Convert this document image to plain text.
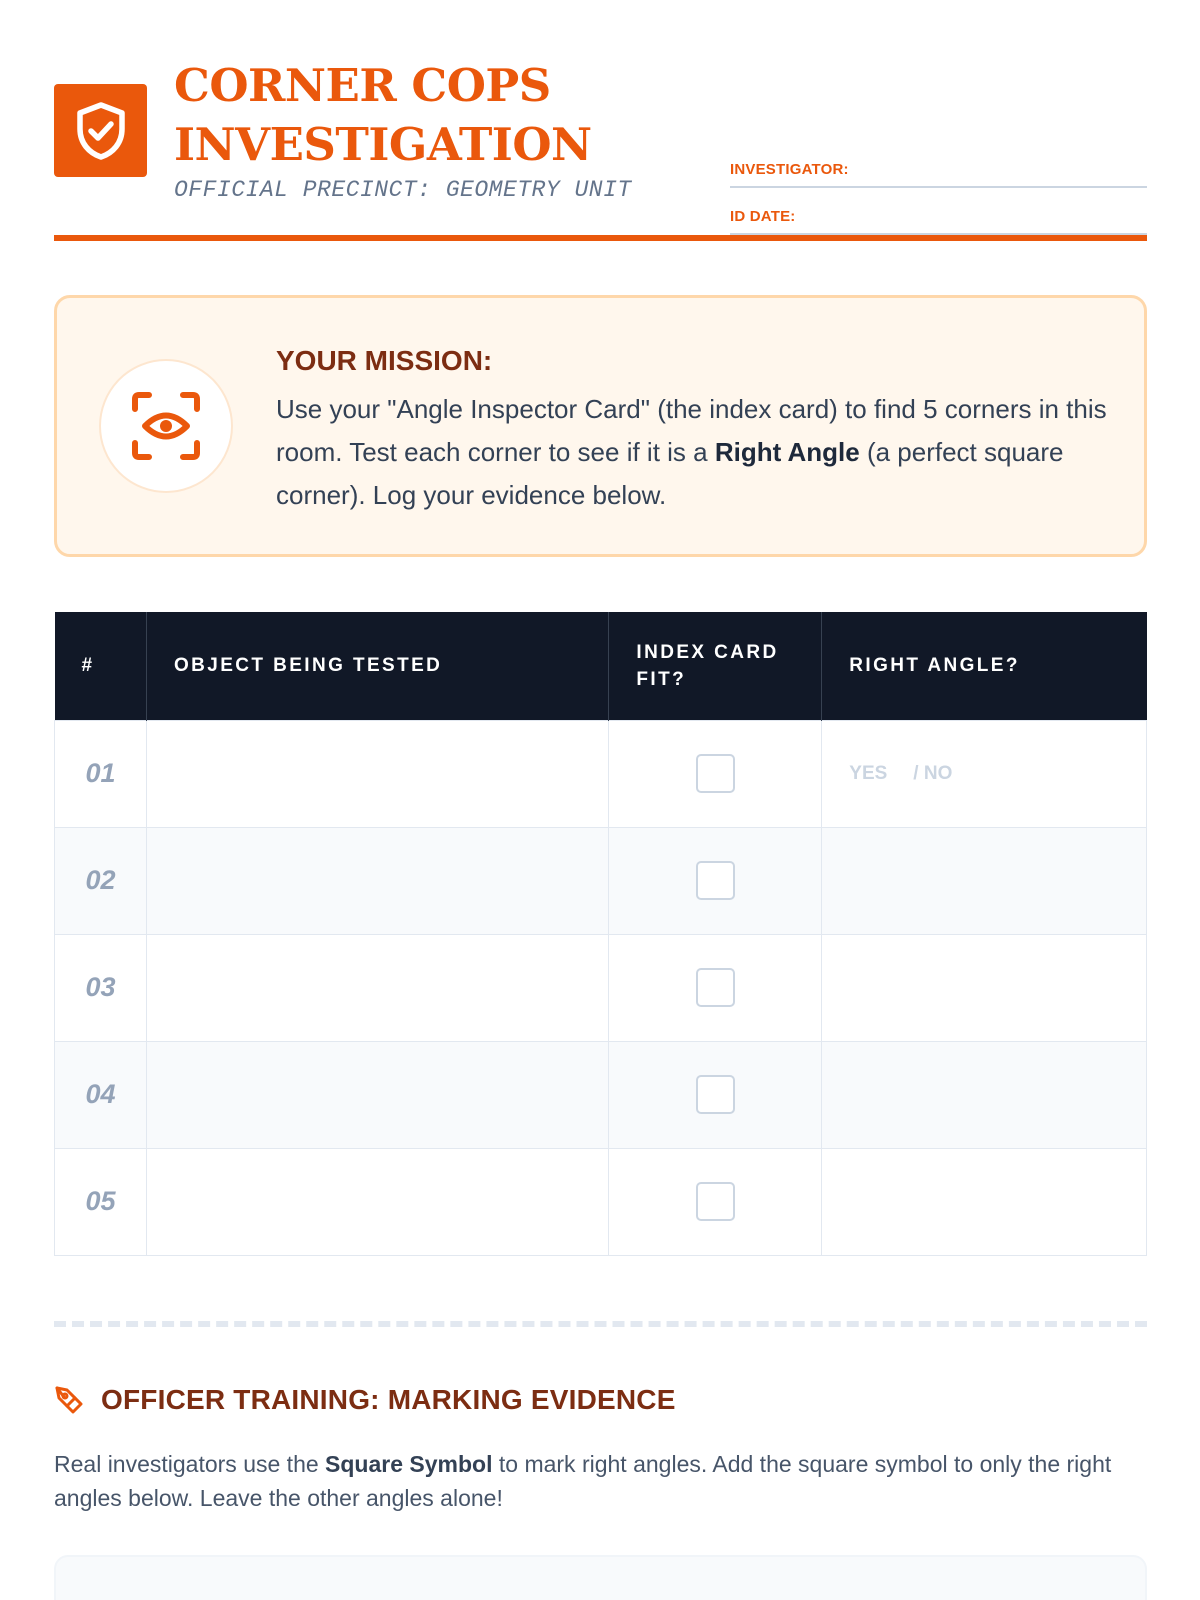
CORNER COPS
INVESTIGATION
OFFICIAL PRECINCT: GEOMETRY UNIT
INVESTIGATOR:
ID DATE:
YOUR MISSION:
Use your "Angle Inspector Card" (the index card) to find 5 corners in this room. Test each corner to see if it is a Right Angle (a perfect square corner). Log your evidence below.
#	OBJECT BEING TESTED	INDEX CARD FIT?	RIGHT ANGLE?
01			YES / NO
02			
03			
04			
05			
OFFICER TRAINING: MARKING EVIDENCE
Real investigators use the Square Symbol to mark right angles. Add the square symbol to only the right angles below. Leave the other angles alone!
